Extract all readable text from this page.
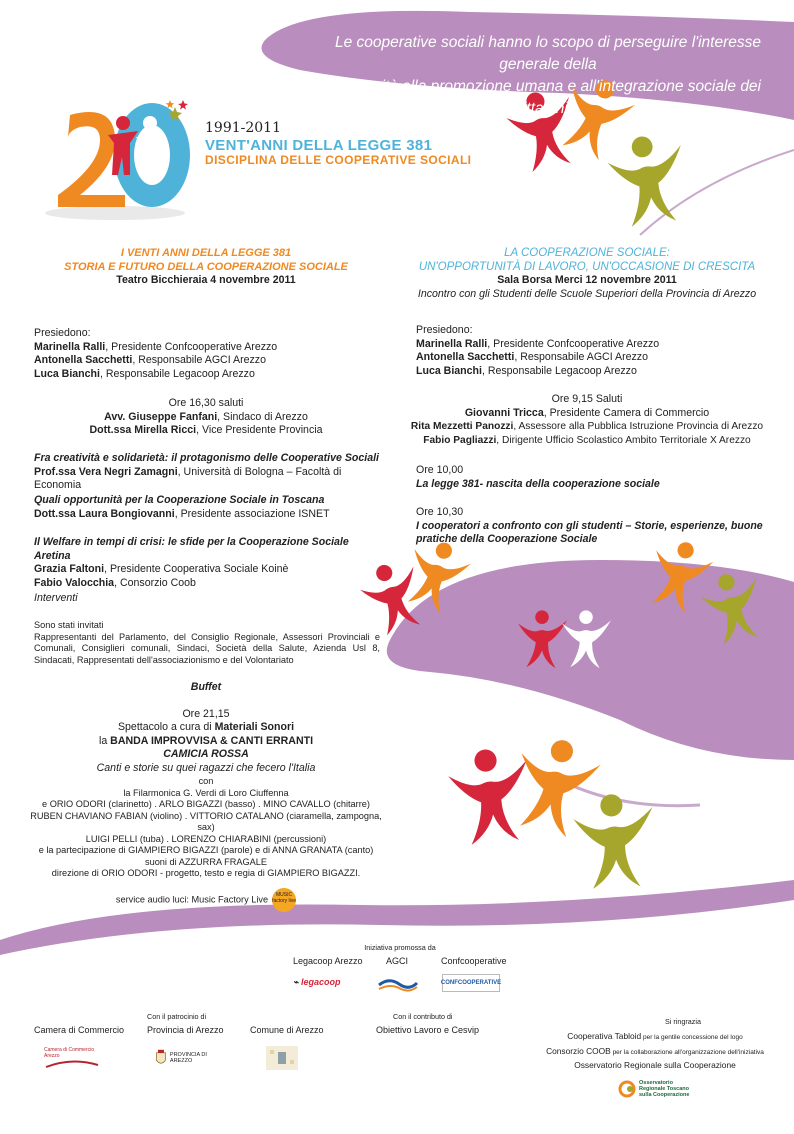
Le cooperative sociali hanno lo scopo di perseguire l'interesse generale della
comunità alla promozione umana e all'integrazione sociale dei cittadini...
1991-2011
VENT'ANNI DELLA LEGGE 381
DISCIPLINA DELLE COOPERATIVE SOCIALI
I VENTI ANNI DELLA LEGGE 381
STORIA E FUTURO DELLA COOPERAZIONE SOCIALE
Teatro Bicchieraia 4 novembre 2011
Presiedono:
Marinella Ralli, Presidente Confcooperative Arezzo
Antonella Sacchetti, Responsabile AGCI Arezzo
Luca Bianchi, Responsabile Legacoop Arezzo
Ore 16,30 saluti
Avv. Giuseppe Fanfani, Sindaco di Arezzo
Dott.ssa Mirella Ricci, Vice Presidente Provincia
Fra creatività e solidarietà: il protagonismo delle Cooperative Sociali
Prof.ssa Vera Negri Zamagni, Università di Bologna – Facoltà di Economia
Quali opportunità per la Cooperazione Sociale in Toscana
Dott.ssa Laura Bongiovanni, Presidente associazione ISNET
Il Welfare in tempi di crisi: le sfide per la Cooperazione Sociale Aretina
Grazia Faltoni, Presidente Cooperativa Sociale Koinè
Fabio Valocchia, Consorzio Coob
Interventi
Sono stati invitati
Rappresentanti del Parlamento, del Consiglio Regionale, Assessori Provinciali e Comunali, Consiglieri comunali, Sindaci, Società della Salute, Azienda Usl 8, Sindacati, Rappresentati dell'associazionismo e del Volontariato
Buffet
Ore 21,15
Spettacolo a cura di Materiali Sonori
la BANDA IMPROVVISA & CANTI ERRANTI
CAMICIA ROSSA
Canti e storie su quei ragazzi che fecero l'Italia
con
la Filarmonica G. Verdi di Loro Ciuffenna
e ORIO ODORI (clarinetto) . ARLO BIGAZZI (basso) . MINO CAVALLO (chitarre)
RUBEN CHAVIANO FABIAN (violino) . VITTORIO CATALANO (ciaramella, zampogna, sax)
LUIGI PELLI (tuba) . LORENZO CHIARABINI (percussioni)
e la partecipazione di GIAMPIERO BIGAZZI (parole) e di ANNA GRANATA (canto)
suoni di AZZURRA FRAGALE
direzione di ORIO ODORI - progetto, testo e regia di GIAMPIERO BIGAZZI.
service audio luci: Music Factory Live MUSIC factory live
LA COOPERAZIONE SOCIALE:
UN'OPPORTUNITÀ DI LAVORO, UN'OCCASIONE DI CRESCITA
Sala Borsa Merci 12 novembre 2011
Incontro con gli Studenti delle Scuole Superiori della Provincia di Arezzo
Presiedono:
Marinella Ralli, Presidente Confcooperative Arezzo
Antonella Sacchetti, Responsabile AGCI Arezzo
Luca Bianchi, Responsabile Legacoop Arezzo
Ore 9,15 Saluti
Giovanni Tricca, Presidente Camera di Commercio
Rita Mezzetti Panozzi, Assessore alla Pubblica Istruzione Provincia di Arezzo
Fabio Pagliazzi, Dirigente Ufficio Scolastico Ambito Territoriale X Arezzo
Ore 10,00
La legge 381- nascita della cooperazione sociale
Ore 10,30
I cooperatori a confronto con gli studenti – Storie, esperienze, buone pratiche della Cooperazione Sociale
Iniziativa promossa da
Legacoop Arezzo	AGCI	Confcooperative
⌁ legacoop	CONFCOOPERATIVE
Con il patrocinio di	Con il contributo di
Si ringrazia
Camera di Commercio	Provincia di Arezzo	Comune di Arezzo	Obiettivo Lavoro e Cesvip
Cooperativa Tabloid per la gentile concessione del logo
Consorzio COOB per la collaborazione all'organizzazione dell'iniziativa
Osservatorio Regionale sulla Cooperazione
Camera di Commercio Arezzo	PROVINCIA DI AREZZO
Osservatorio
Regionale Toscano
sulla Cooperazione
